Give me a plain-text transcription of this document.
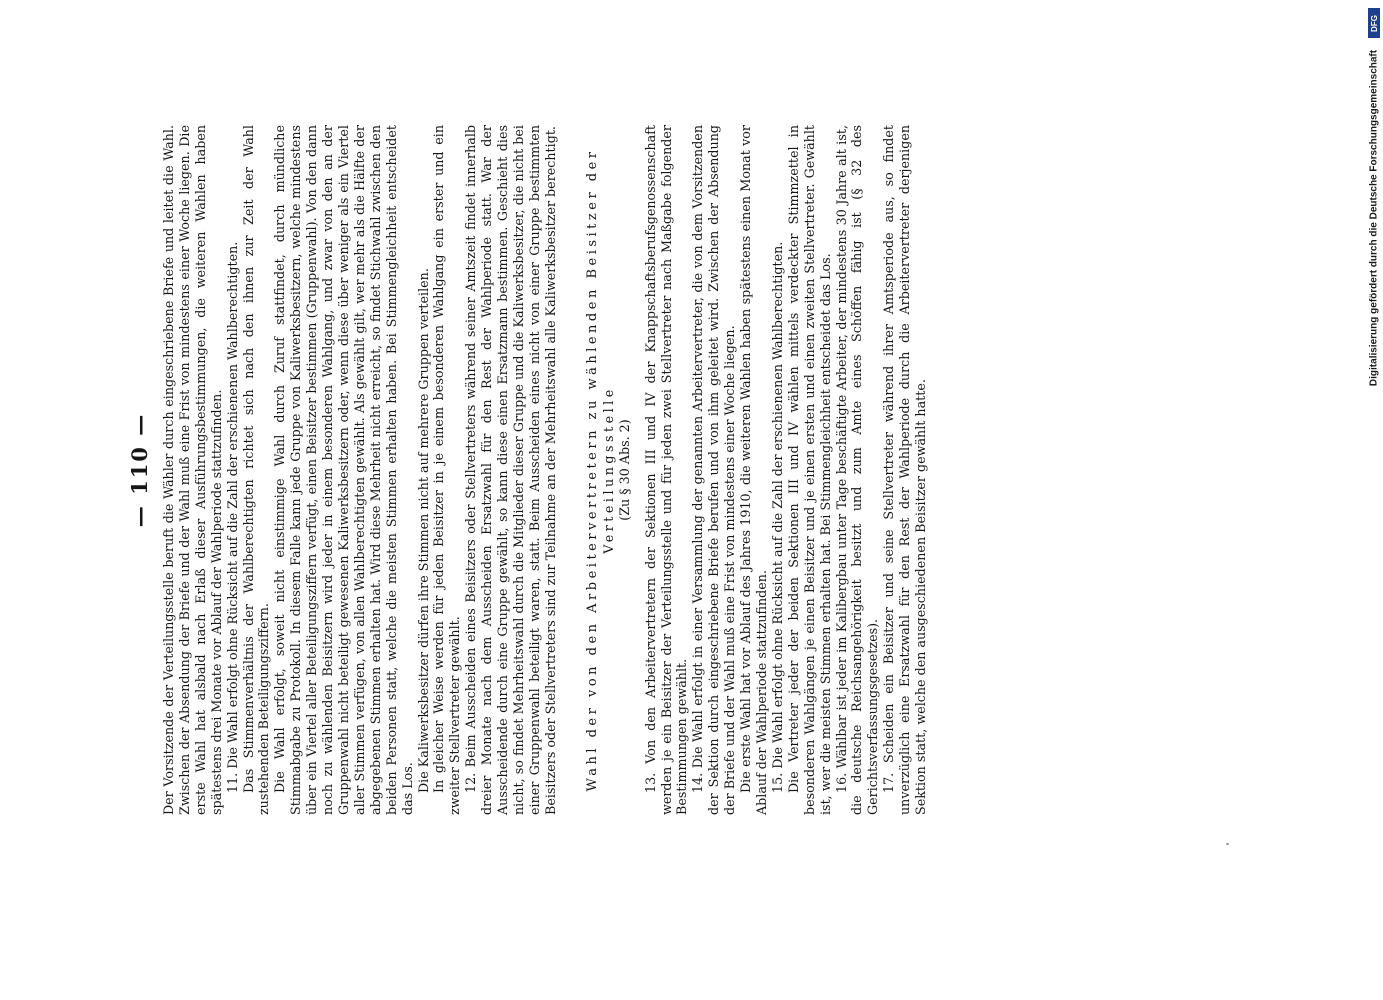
— 110 — Der Vorsitzende der Verteilungsstelle beruft die Wähler durch eingeschriebene Briefe und leitet die Wahl. Zwischen der Absendung der Briefe und der Wahl muß eine Frist von mindestens einer Woche liegen. Die erste Wahl hat alsbald nach Erlaß dieser Ausführungsbestimmungen, die weiteren Wahlen haben spätestens drei Monate vor Ablauf der Wahlperiode stattzufinden. 11. Die Wahl erfolgt ohne Rücksicht auf die Zahl der erschienenen Wahlberechtigten. Das Stimmenverhältnis der Wahlberechtigten richtet sich nach den ihnen zur Zeit der Wahl zustehenden Beteiligungsziffern. Die Wahl erfolgt, soweit nicht einstimmige Wahl durch Zuruf stattfindet, durch mündliche Stimmabgabe zu Protokoll. In diesem Falle kann jede Gruppe von Kaliwerksbesitzern, welche mindestens über ein Viertel aller Beteiligungsziffern verfügt, einen Beisitzer bestimmen (Gruppenwahl). Von den dann noch zu wählenden Beisitzern wird jeder in einem besonderen Wahlgang, und zwar von den an der Gruppenwahl nicht beteiligt gewesenen Kaliwerksbesitzern oder, wenn diese über weniger als ein Viertel aller Stimmen verfügen, von allen Wahlberechtigten gewählt. Als gewählt gilt, wer mehr als die Hälfte der abgegebenen Stimmen erhalten hat. Wird diese Mehrheit nicht erreicht, so findet Stichwahl zwischen den beiden Personen statt, welche die meisten Stimmen erhalten haben. Bei Stimmengleichheit entscheidet das Los. Die Kaliwerksbesitzer dürfen ihre Stimmen nicht auf mehrere Gruppen verteilen. In gleicher Weise werden für jeden Beisitzer in je einem besonderen Wahlgang ein erster und ein zweiter Stellvertreter gewählt. 12. Beim Ausscheiden eines Beisitzers oder Stellvertreters während seiner Amtszeit findet innerhalb dreier Monate nach dem Ausscheiden Ersatzwahl für den Rest der Wahlperiode statt. War der Ausscheidende durch eine Gruppe gewählt, so kann diese einen Ersatzmann bestimmen. Geschieht dies nicht, so findet Mehrheitswahl durch die Mitglieder dieser Gruppe und die Kaliwerksbesitzer, die nicht bei einer Gruppenwahl beteiligt waren, statt. Beim Ausscheiden eines nicht von einer Gruppe bestimmten Beisitzers oder Stellvertreters sind zur Teilnahme an der Mehrheitswahl alle Kaliwerksbesitzer berechtigt. Wahl der von den Arbeitervertretern zu wählenden Beisitzer der Verteilungsstelle (Zu § 30 Abs. 2) 13. Von den Arbeitervertretern der Sektionen III und IV der Knappschaftsberufsgenossenschaft werden je ein Beisitzer der Verteilungsstelle und für jeden zwei Stellvertreter nach Maßgabe folgender Bestimmungen gewählt. 14. Die Wahl erfolgt in einer Versammlung der genannten Arbeitervertreter, die von dem Vorsitzenden der Sektion durch eingeschriebene Briefe berufen und von ihm geleitet wird. Zwischen der Absendung der Briefe und der Wahl muß eine Frist von mindestens einer Woche liegen. Die erste Wahl hat vor Ablauf des Jahres 1910, die weiteren Wahlen haben spätestens einen Monat vor Ablauf der Wahlperiode stattzufinden. 15. Die Wahl erfolgt ohne Rücksicht auf die Zahl der erschienenen Wahlberechtigten. Die Vertreter jeder der beiden Sektionen III und IV wählen mittels verdeckter Stimmzettel in besonderen Wahlgängen je einen Beisitzer und je einen ersten und einen zweiten Stellvertreter. Gewählt ist, wer die meisten Stimmen erhalten hat. Bei Stimmengleichheit entscheidet das Los. 16. Wählbar ist jeder im Kalibergbau unter Tage beschäftigte Arbeiter, der mindestens 30 Jahre alt ist, die deutsche Reichsangehörigkeit besitzt und zum Amte eines Schöffen fähig ist (§ 32 des Gerichtsverfassungsgesetzes). 17. Scheiden ein Beisitzer und seine Stellvertreter während ihrer Amtsperiode aus, so findet unverzüglich eine Ersatzwahl für den Rest der Wahlperiode durch die Arbeitervertreter derjenigen Sektion statt, welche den ausgeschiedenen Beisitzer gewählt hatte.

DFG
Digitalisierung gefördert durch die Deutsche Forschungsgemeinschaft
